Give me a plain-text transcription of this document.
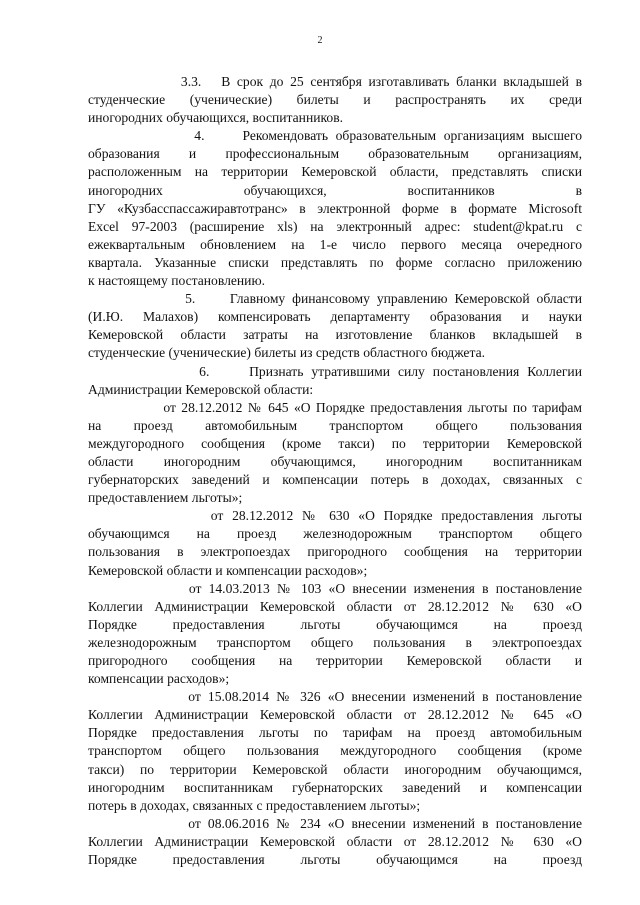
2
3.3.   В срок до 25 сентября изготавливать бланки вкладышей в
студенческие (ученические) билеты и распространять их среди
иногородних обучающихся, воспитанников.
4.     Рекомендовать образовательным организациям высшего
образования и профессиональным образовательным организациям,
расположенным на территории Кемеровской области, представлять списки
иногородних обучающихся, воспитанников в
ГУ «Кузбасспассажиравтотранс» в электронной форме в формате Microsoft
Excel 97-2003 (расширение xls) на электронный адрес: student@kpat.ru с
ежеквартальным обновлением на 1-е число первого месяца очередного
квартала. Указанные списки представлять по форме согласно приложению
к настоящему постановлению.
5.     Главному финансовому управлению Кемеровской области
(И.Ю. Малахов) компенсировать департаменту образования и науки
Кемеровской области затраты на изготовление бланков вкладышей в
студенческие (ученические) билеты из средств областного бюджета.
6.     Признать утратившими силу постановления Коллегии
Администрации Кемеровской области:
от 28.12.2012 № 645 «О Порядке предоставления льготы по тарифам
на проезд автомобильным транспортом общего пользования
междугородного сообщения (кроме такси) по территории Кемеровской
области иногородним обучающимся, иногородним воспитанникам
губернаторских заведений и компенсации потерь в доходах, связанных с
предоставлением льготы»;
от 28.12.2012 № 630 «О Порядке предоставления льготы
обучающимся на проезд железнодорожным транспортом общего
пользования в электропоездах пригородного сообщения на территории
Кемеровской области и компенсации расходов»;
от 14.03.2013 № 103 «О внесении изменения в постановление
Коллегии Администрации Кемеровской области от 28.12.2012 № 630 «О
Порядке предоставления льготы обучающимся на проезд
железнодорожным транспортом общего пользования в электропоездах
пригородного сообщения на территории Кемеровской области и
компенсации расходов»;
от 15.08.2014 № 326 «О внесении изменений в постановление
Коллегии Администрации Кемеровской области от 28.12.2012 № 645 «О
Порядке предоставления льготы по тарифам на проезд автомобильным
транспортом общего пользования междугородного сообщения (кроме
такси) по территории Кемеровской области иногородним обучающимся,
иногородним воспитанникам губернаторских заведений и компенсации
потерь в доходах, связанных с предоставлением льготы»;
от 08.06.2016 № 234 «О внесении изменений в постановление
Коллегии Администрации Кемеровской области от 28.12.2012 № 630 «О
Порядке предоставления льготы обучающимся на проезд
